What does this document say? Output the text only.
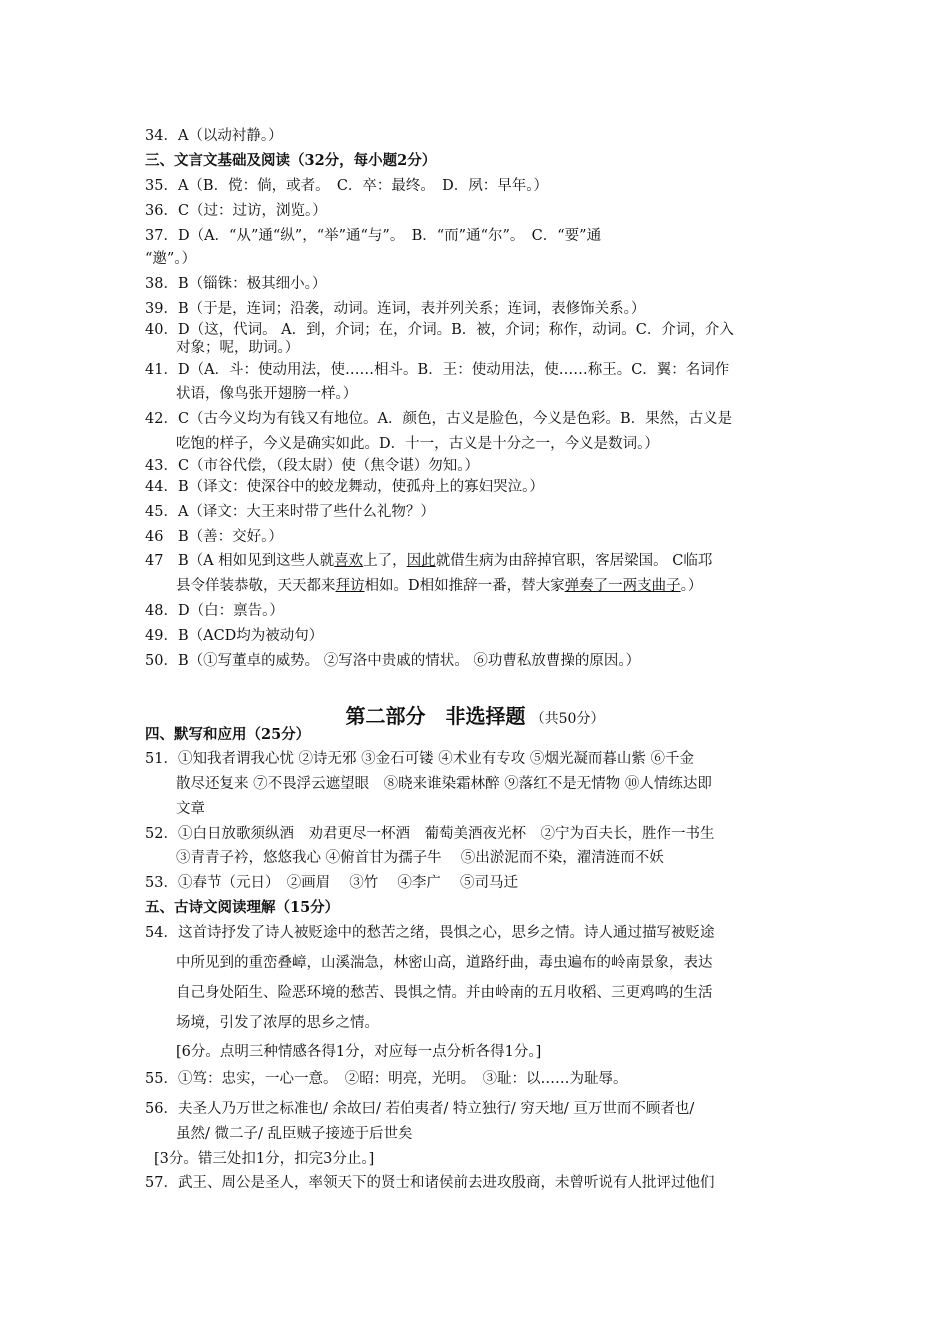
34．A（以动衬静。）
三、文言文基础及阅读（32分，每小题2分）
35．A（B．傥：倘，或者。　C．卒：最终。　D．夙：早年。）
36．C（过：过访，浏览。）
37．D（A．“从”通“纵”，“举”通“与”。　B．“而”通“尔”。　C．“要”通
“邀”。）
38．B（锱铢：极其细小。）
39．B（于是，连词；沿袭，动词。连词，表并列关系；连词，表修饰关系。）
40．D（这，代词。 A．到，介词；在，介词。B．被，介词；称作，动词。C．介词，介入
对象；呢，助词。）
41．D（A．斗：使动用法，使……相斗。B．王：使动用法，使……称王。C．翼：名词作
状语，像鸟张开翅膀一样。）
42．C（古今义均为有钱又有地位。A．颜色，古义是脸色，今义是色彩。B．果然，古义是
吃饱的样子，今义是确实如此。D．十一，古义是十分之一，今义是数词。）
43．C（市谷代偿，（段太尉）使（焦令谌）勿知。）
44．B（译文：使深谷中的蛟龙舞动，使孤舟上的寡妇哭泣。）
45．A（译文：大王来时带了些什么礼物？）
46　B（善：交好。）
47　B（A 相如见到这些人就喜欢上了，因此就借生病为由辞掉官职，客居梁国。 C临邛
县令佯装恭敬，天天都来拜访相如。D相如推辞一番，替大家弹奏了一两支曲子。）
48．D（白：禀告。）
49．B（ACD均为被动句）
50．B（①写董卓的威势。 ②写洛中贵戚的情状。 ⑥功曹私放曹操的原因。）
第二部分　非选择题 （共50分）
四、默写和应用（25分）
51．①知我者谓我心忧 ②诗无邪 ③金石可镂 ④术业有专攻 ⑤烟光凝而暮山紫 ⑥千金
散尽还复来 ⑦不畏浮云遮望眼　⑧晓来谁染霜林醉 ⑨落红不是无情物 ⑩人情练达即
文章
52．①白日放歌须纵酒　劝君更尽一杯酒　葡萄美酒夜光杯　②宁为百夫长，胜作一书生
③青青子衿，悠悠我心 ④俯首甘为孺子牛　 ⑤出淤泥而不染，濯清涟而不妖
53．①春节（元日）　②画眉　 ③竹　 ④李广　 ⑤司马迁
五、古诗文阅读理解（15分）
54．这首诗抒发了诗人被贬途中的愁苦之绪，畏惧之心，思乡之情。诗人通过描写被贬途
中所见到的重峦叠嶂，山溪湍急，林密山高，道路纡曲，毒虫遍布的岭南景象，表达
自己身处陌生、险恶环境的愁苦、畏惧之情。并由岭南的五月收稻、三更鸡鸣的生活
场境，引发了浓厚的思乡之情。
[6分。点明三种情感各得1分，对应每一点分析各得1分。]
55．①笃：忠实，一心一意。　②昭：明亮，光明。　③耻：以……为耻辱。
56．夫圣人乃万世之标准也/ 余故曰/ 若伯夷者/ 特立独行/ 穷天地/ 亘万世而不顾者也/
虽然/ 微二子/ 乱臣贼子接迹于后世矣
[3分。错三处扣1分，扣完3分止。]
57．武王、周公是圣人，率领天下的贤士和诸侯前去进攻殷商，未曾听说有人批评过他们
